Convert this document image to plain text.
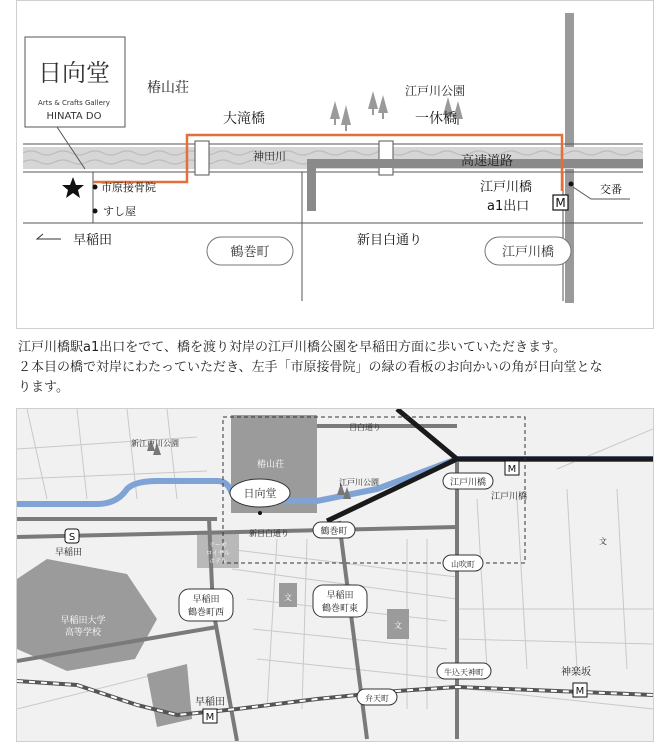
日向堂
Arts & Crafts Gallery
HINATA DO
M
椿山荘
大滝橋
江戸川公園
一休橋
神田川	高速道路
市原接骨院
すし屋
江戸川橋
a1出口
交番
早稲田
鶴巻町
新目白通り
江戸川橋
江戸川橋駅a1出口をでて、橋を渡り対岸の江戸川橋公園を早稲田方面に歩いていただきます。
２本目の橋で対岸にわたっていただき、左手「市原接骨院」の緑の看板のお向かいの角が日向堂とな
ります。
目白通り
新江戸川公園
椿山荘
江戸川公園
日向堂
江戸川橋
M
江戸川橋
新目白通り	鶴巻町
S
早稲田
山吹町
早稲田
鶴巻町西
早稲田
鶴巻町東
早稲田大学
高等学校
リーガ
ロイヤル
ホテル
文
文
文
牛込天神町	神楽坂
M
早稲田
M
弁天町
